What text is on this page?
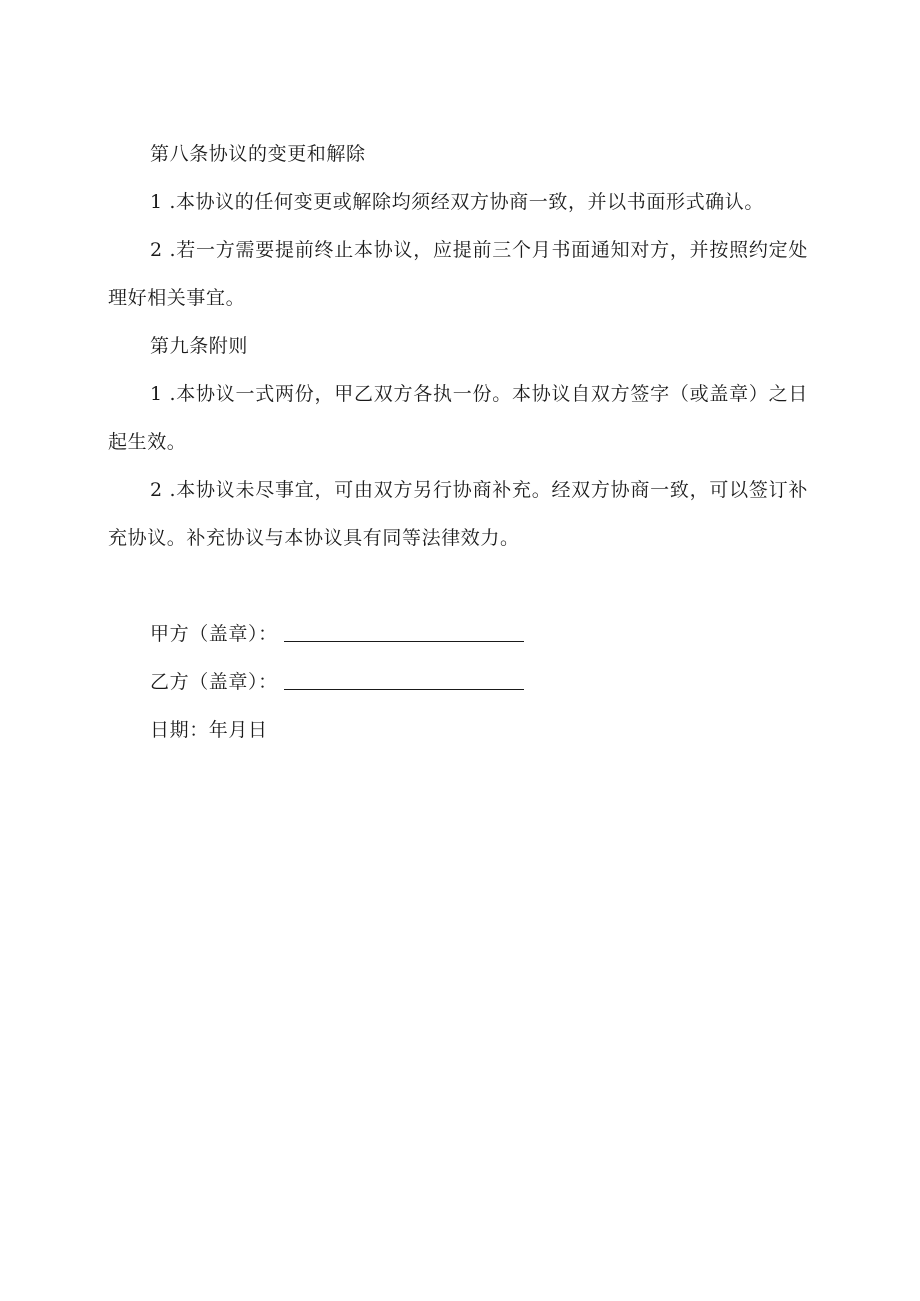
第八条协议的变更和解除

1 .本协议的任何变更或解除均须经双方协商一致，并以书面形式确认。

2 .若一方需要提前终止本协议，应提前三个月书面通知对方，并按照约定处理好相关事宜。

第九条附则

1 .本协议一式两份，甲乙双方各执一份。本协议自双方签字（或盖章）之日起生效。

2 .本协议未尽事宜，可由双方另行协商补充。经双方协商一致，可以签订补充协议。补充协议与本协议具有同等法律效力。

甲方（盖章）：

乙方（盖章）：

日期：年月日
